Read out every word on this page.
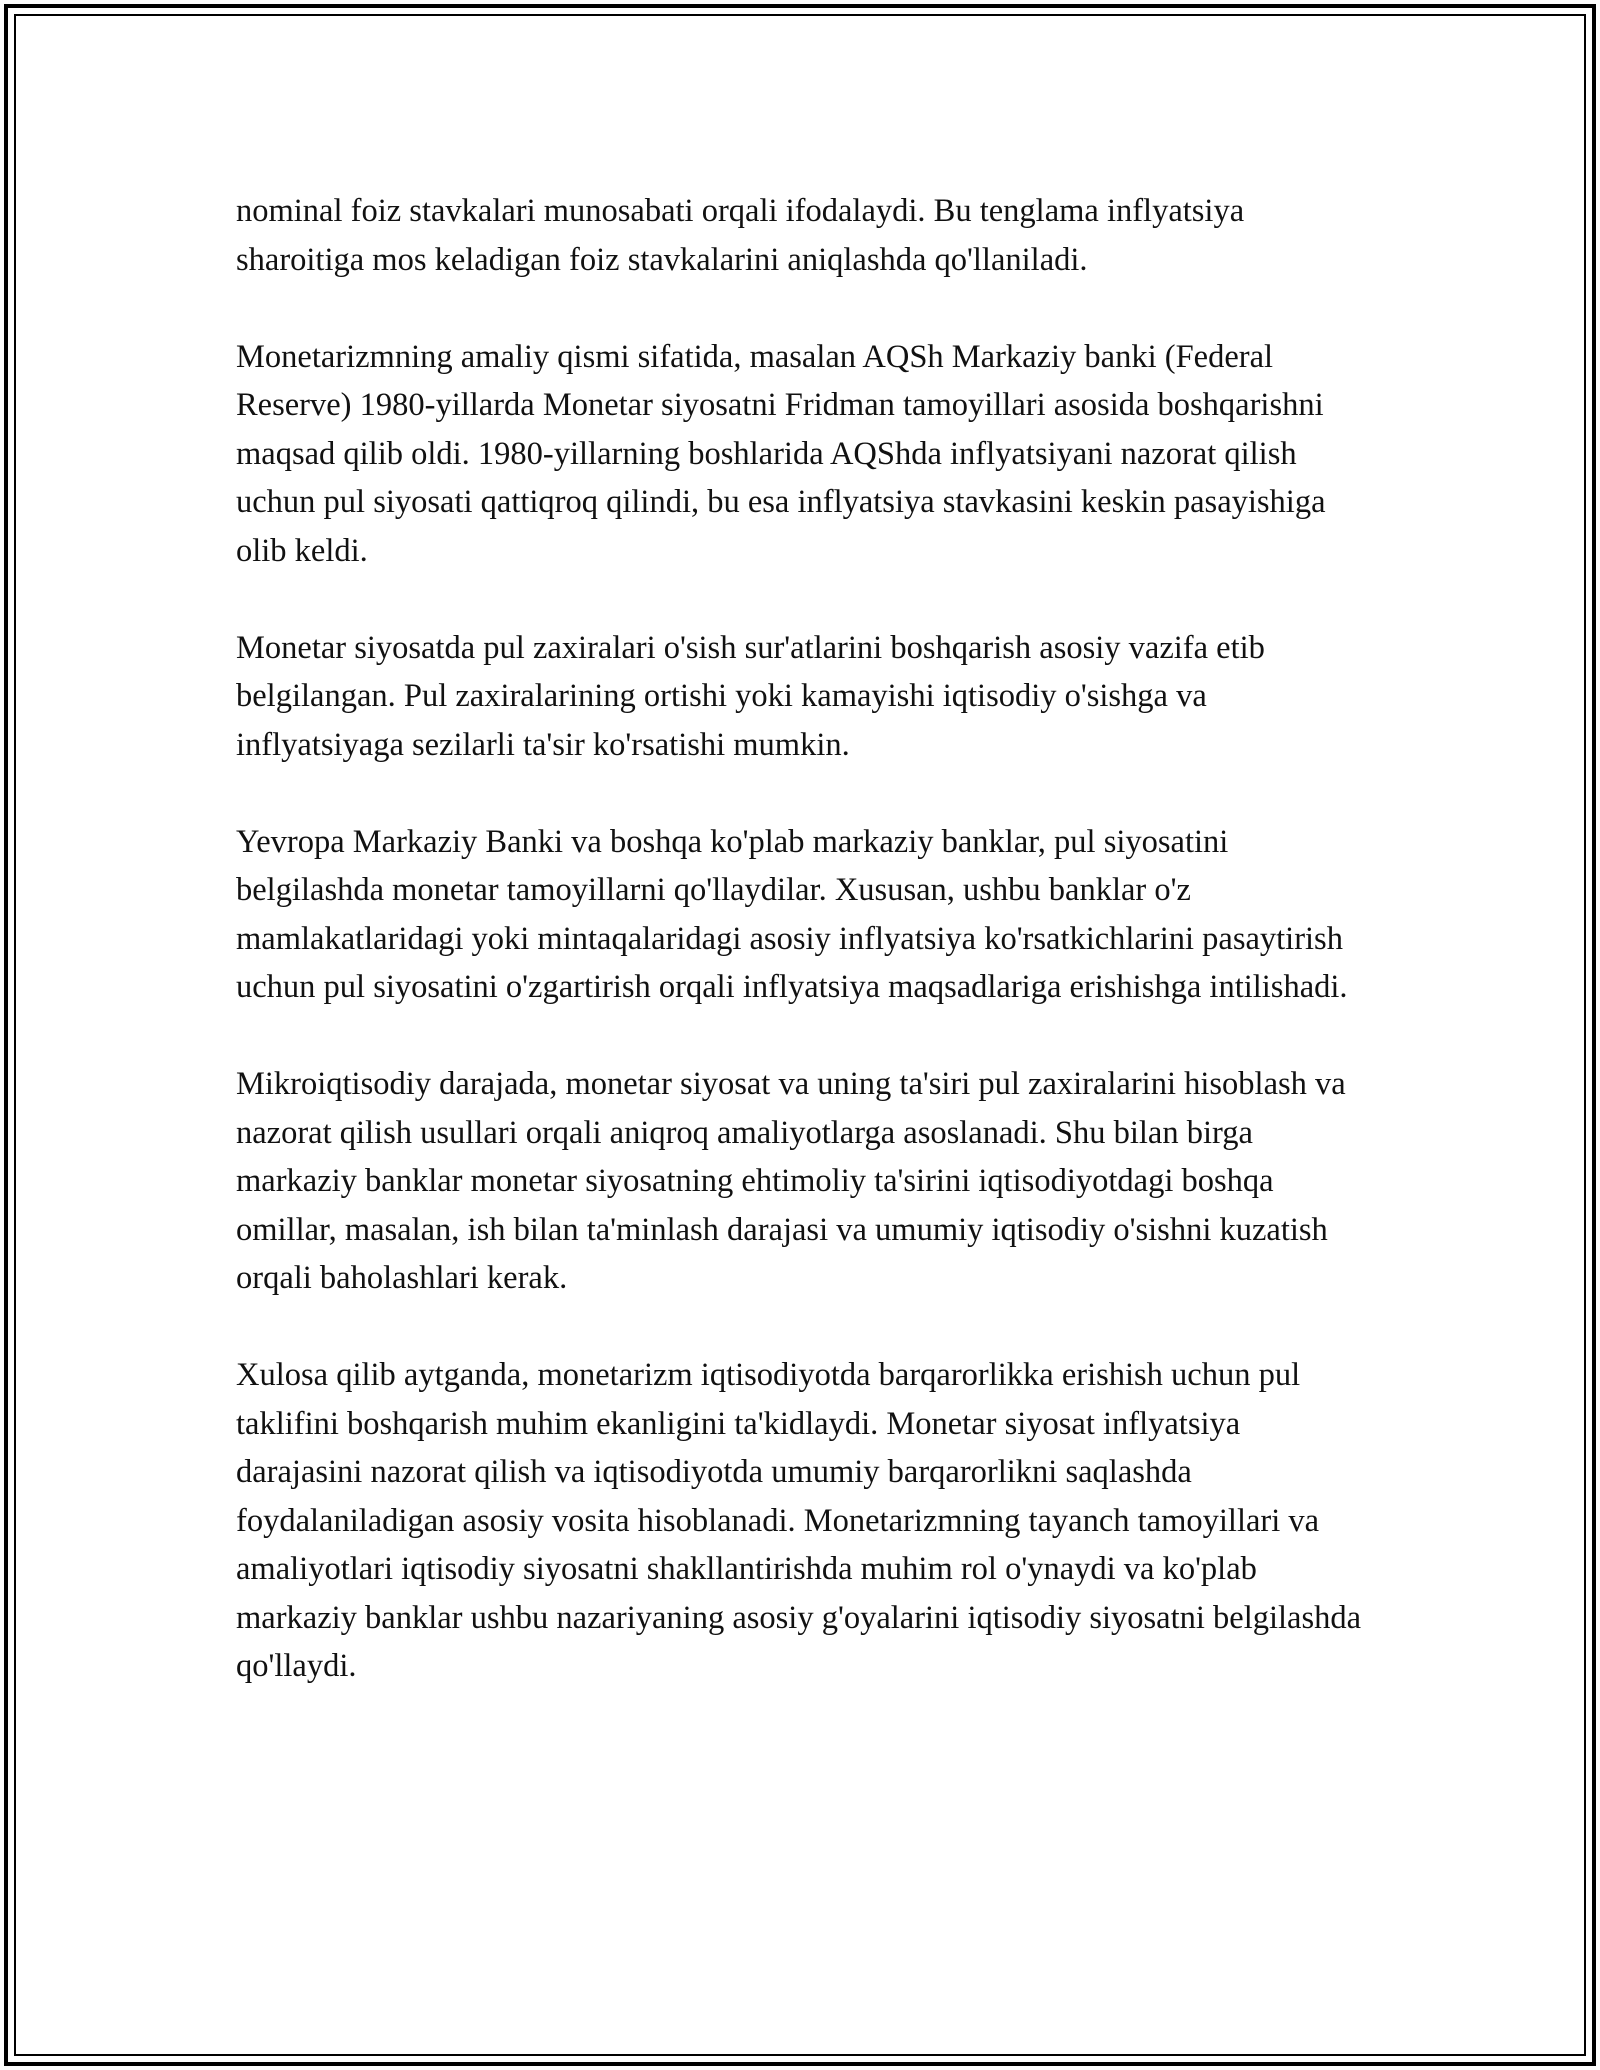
nominal foiz stavkalari munosabati orqali ifodalaydi. Bu tenglama inflyatsiya sharoitiga mos keladigan foiz stavkalarini aniqlashda qo'llaniladi.

Monetarizmning amaliy qismi sifatida, masalan AQSh Markaziy banki (Federal Reserve) 1980-yillarda Monetar siyosatni Fridman tamoyillari asosida boshqarishni maqsad qilib oldi. 1980-yillarning boshlarida AQShda inflyatsiyani nazorat qilish uchun pul siyosati qattiqroq qilindi, bu esa inflyatsiya stavkasini keskin pasayishiga olib keldi.

Monetar siyosatda pul zaxiralari o'sish sur'atlarini boshqarish asosiy vazifa etib belgilangan. Pul zaxiralarining ortishi yoki kamayishi iqtisodiy o'sishga va inflyatsiyaga sezilarli ta'sir ko'rsatishi mumkin.

Yevropa Markaziy Banki va boshqa ko'plab markaziy banklar, pul siyosatini belgilashda monetar tamoyillarni qo'llaydilar. Xususan, ushbu banklar o'z mamlakatlaridagi yoki mintaqalaridagi asosiy inflyatsiya ko'rsatkichlarini pasaytirish uchun pul siyosatini o'zgartirish orqali inflyatsiya maqsadlariga erishishga intilishadi.

Mikroiqtisodiy darajada, monetar siyosat va uning ta'siri pul zaxiralarini hisoblash va nazorat qilish usullari orqali aniqroq amaliyotlarga asoslanadi. Shu bilan birga markaziy banklar monetar siyosatning ehtimoliy ta'sirini iqtisodiyotdagi boshqa omillar, masalan, ish bilan ta'minlash darajasi va umumiy iqtisodiy o'sishni kuzatish orqali baholashlari kerak.

Xulosa qilib aytganda, monetarizm iqtisodiyotda barqarorlikka erishish uchun pul taklifini boshqarish muhim ekanligini ta'kidlaydi. Monetar siyosat inflyatsiya darajasini nazorat qilish va iqtisodiyotda umumiy barqarorlikni saqlashda foydalaniladigan asosiy vosita hisoblanadi. Monetarizmning tayanch tamoyillari va amaliyotlari iqtisodiy siyosatni shakllantirishda muhim rol o'ynaydi va ko'plab markaziy banklar ushbu nazariyaning asosiy g'oyalarini iqtisodiy siyosatni belgilashda qo'llaydi.
